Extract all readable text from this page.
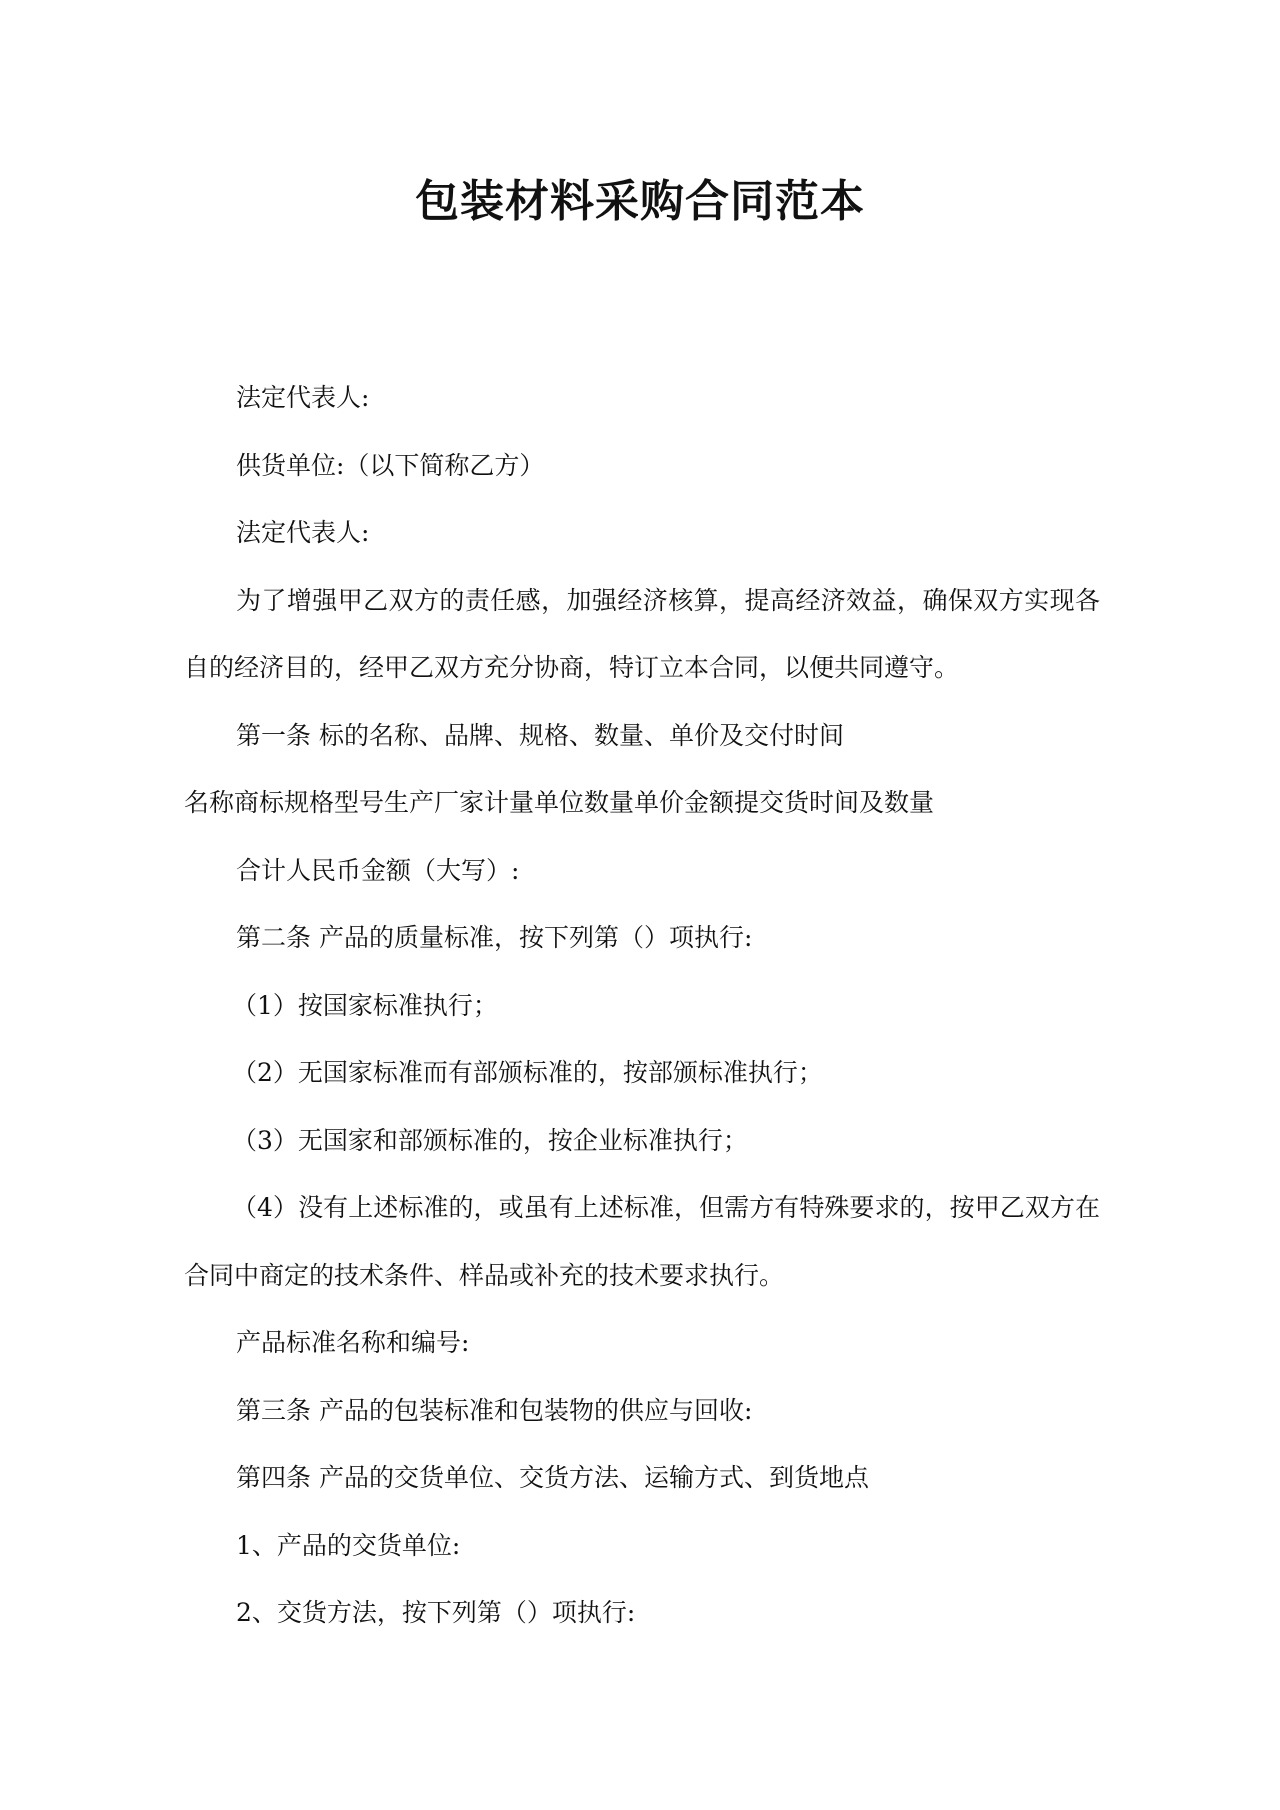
包装材料采购合同范本

法定代表人:

供货单位:（以下简称乙方）

法定代表人:

为了增强甲乙双方的责任感，加强经济核算，提高经济效益，确保双方实现各自的经济目的，经甲乙双方充分协商，特订立本合同，以便共同遵守。

第一条 标的名称、品牌、规格、数量、单价及交付时间

名称商标规格型号生产厂家计量单位数量单价金额提交货时间及数量

合计人民币金额（大写）:

第二条 产品的质量标准，按下列第（）项执行:

（1）按国家标准执行；

（2）无国家标准而有部颁标准的，按部颁标准执行；

（3）无国家和部颁标准的，按企业标准执行；

（4）没有上述标准的，或虽有上述标准，但需方有特殊要求的，按甲乙双方在合同中商定的技术条件、样品或补充的技术要求执行。

产品标准名称和编号:

第三条 产品的包装标准和包装物的供应与回收:

第四条 产品的交货单位、交货方法、运输方式、到货地点

1、产品的交货单位:

2、交货方法，按下列第（）项执行:
